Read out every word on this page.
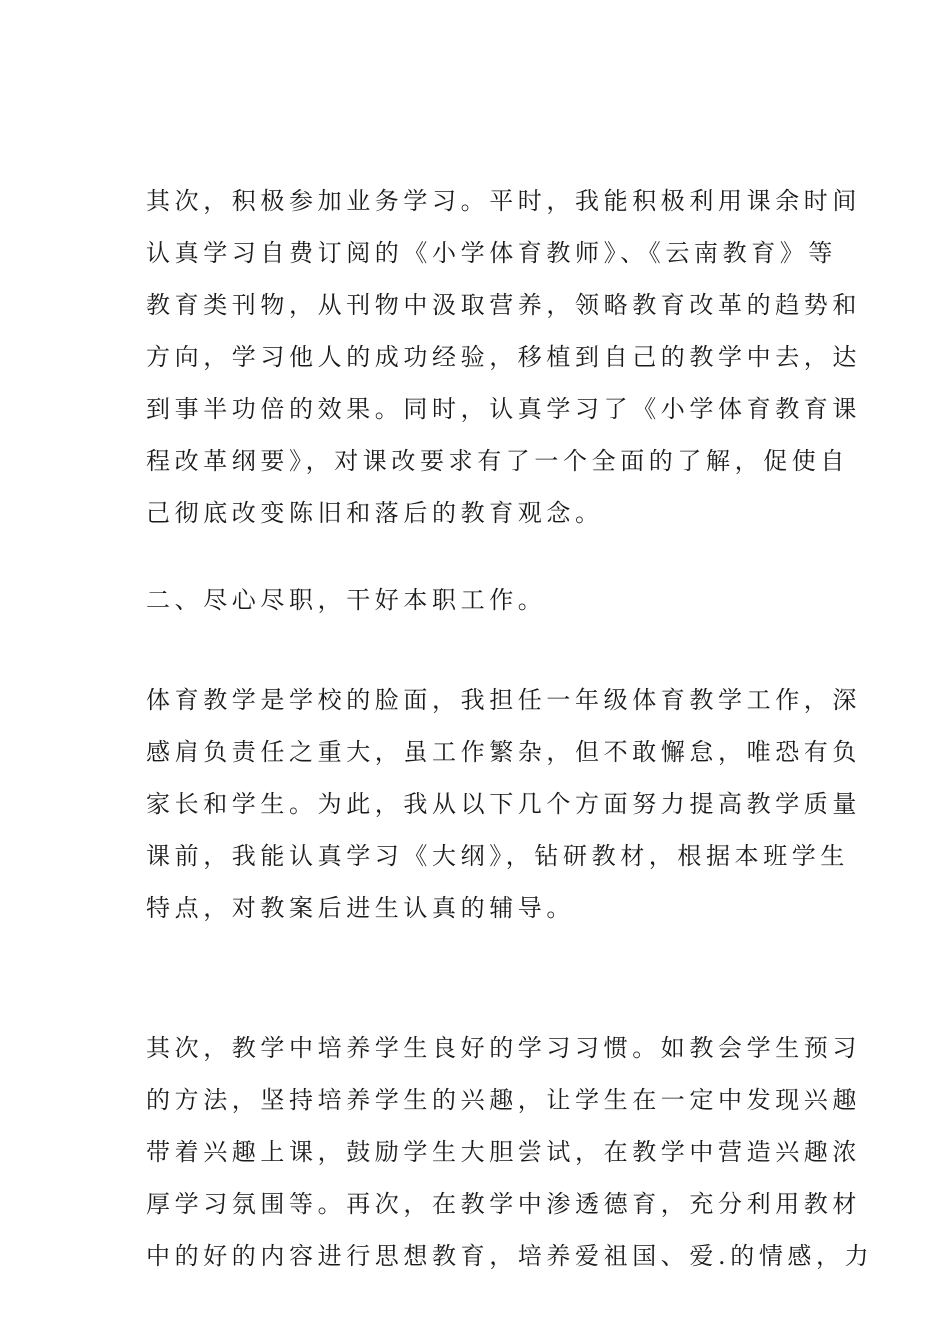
其次，积极参加业务学习。平时，我能积极利用课余时间
认真学习自费订阅的《小学体育教师》、《云南教育》等
教育类刊物，从刊物中汲取营养，领略教育改革的趋势和
方向，学习他人的成功经验，移植到自己的教学中去，达
到事半功倍的效果。同时，认真学习了《小学体育教育课
程改革纲要》，对课改要求有了一个全面的了解，促使自
己彻底改变陈旧和落后的教育观念。
二、尽心尽职，干好本职工作。
体育教学是学校的脸面，我担任一年级体育教学工作，深
感肩负责任之重大，虽工作繁杂，但不敢懈怠，唯恐有负
家长和学生。为此，我从以下几个方面努力提高教学质量
课前，我能认真学习《大纲》，钻研教材，根据本班学生
特点，对教案后进生认真的辅导。
其次，教学中培养学生良好的学习习惯。如教会学生预习
的方法，坚持培养学生的兴趣，让学生在一定中发现兴趣
带着兴趣上课，鼓励学生大胆尝试，在教学中营造兴趣浓
厚学习氛围等。再次，在教学中渗透德育，充分利用教材
中的好的内容进行思想教育，培养爱祖国、爱.的情感，力
